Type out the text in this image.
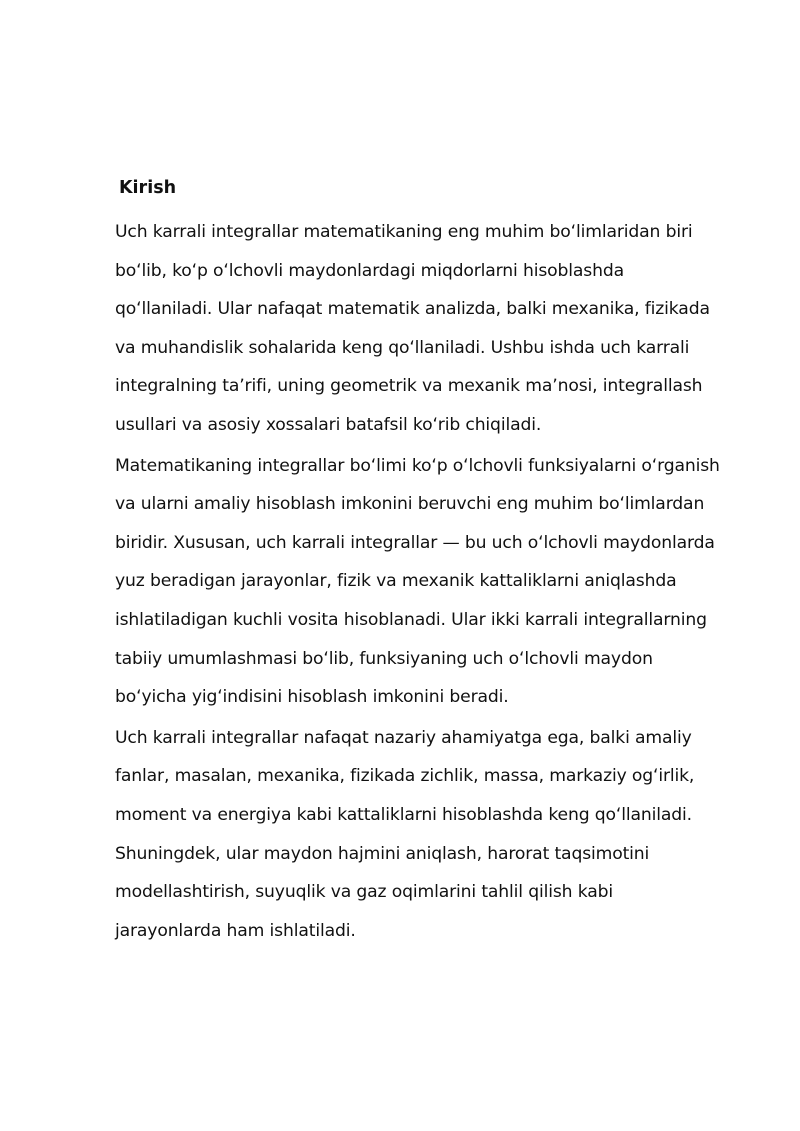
Kirish

Uch karrali integrallar matematikaning eng muhim boʻlimlaridan biri
boʻlib, koʻp oʻlchovli maydonlardagi miqdorlarni hisoblashda
qoʻllaniladi. Ular nafaqat matematik analizda, balki mexanika, fizikada
va muhandislik sohalarida keng qoʻllaniladi. Ushbu ishda uch karrali
integralning taʼrifi, uning geometrik va mexanik maʼnosi, integrallash
usullari va asosiy xossalari batafsil koʻrib chiqiladi.

Matematikaning integrallar boʻlimi koʻp oʻlchovli funksiyalarni oʻrganish
va ularni amaliy hisoblash imkonini beruvchi eng muhim boʻlimlardan
biridir. Xususan, uch karrali integrallar — bu uch oʻlchovli maydonlarda
yuz beradigan jarayonlar, fizik va mexanik kattaliklarni aniqlashda
ishlatiladigan kuchli vosita hisoblanadi. Ular ikki karrali integrallarning
tabiiy umumlashmasi boʻlib, funksiyaning uch oʻlchovli maydon
boʻyicha yigʻindisini hisoblash imkonini beradi.

Uch karrali integrallar nafaqat nazariy ahamiyatga ega, balki amaliy
fanlar, masalan, mexanika, fizikada zichlik, massa, markaziy ogʻirlik,
moment va energiya kabi kattaliklarni hisoblashda keng qoʻllaniladi.
Shuningdek, ular maydon hajmini aniqlash, harorat taqsimotini
modellashtirish, suyuqlik va gaz oqimlarini tahlil qilish kabi
jarayonlarda ham ishlatiladi.
